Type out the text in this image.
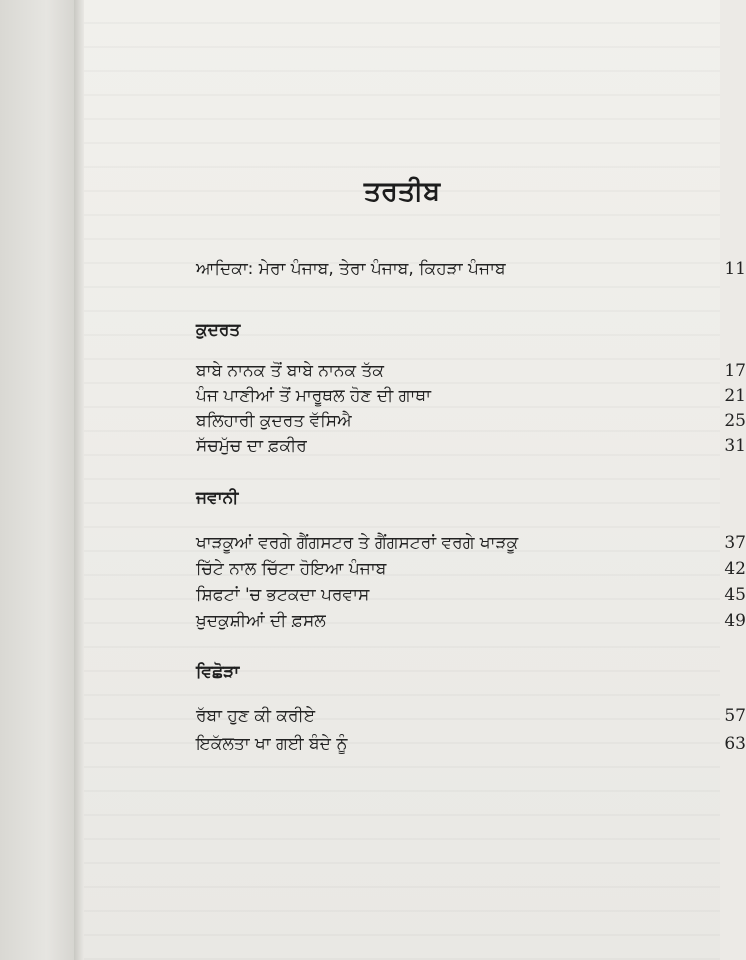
ਤਰਤੀਬ
ਆਦਿਕਾ: ਮੇਰਾ ਪੰਜਾਬ, ਤੇਰਾ ਪੰਜਾਬ, ਕਿਹੜਾ ਪੰਜਾਬ	11
ਕੁਦਰਤ
ਬਾਬੇ ਨਾਨਕ ਤੋਂ ਬਾਬੇ ਨਾਨਕ ਤੱਕ	17
ਪੰਜ ਪਾਣੀਆਂ ਤੋਂ ਮਾਰੂਥਲ ਹੋਣ ਦੀ ਗਾਥਾ	21
ਬਲਿਹਾਰੀ ਕੁਦਰਤ ਵੱਸਿਐ	25
ਸੱਚਮੁੱਚ ਦਾ ਫ਼ਕੀਰ	31
ਜਵਾਨੀ
ਖਾੜਕੂਆਂ ਵਰਗੇ ਗੈਂਗਸਟਰ ਤੇ ਗੈਂਗਸਟਰਾਂ ਵਰਗੇ ਖਾੜਕੂ	37
ਚਿੱਟੇ ਨਾਲ ਚਿੱਟਾ ਹੋਇਆ ਪੰਜਾਬ	42
ਸ਼ਿਫਟਾਂ 'ਚ ਭਟਕਦਾ ਪਰਵਾਸ	45
ਖ਼ੁਦਕੁਸ਼ੀਆਂ ਦੀ ਫ਼ਸਲ	49
ਵਿਛੋੜਾ
ਰੱਬਾ ਹੁਣ ਕੀ ਕਰੀਏ	57
ਇਕੱਲਤਾ ਖਾ ਗਈ ਬੰਦੇ ਨੂੰ	63
